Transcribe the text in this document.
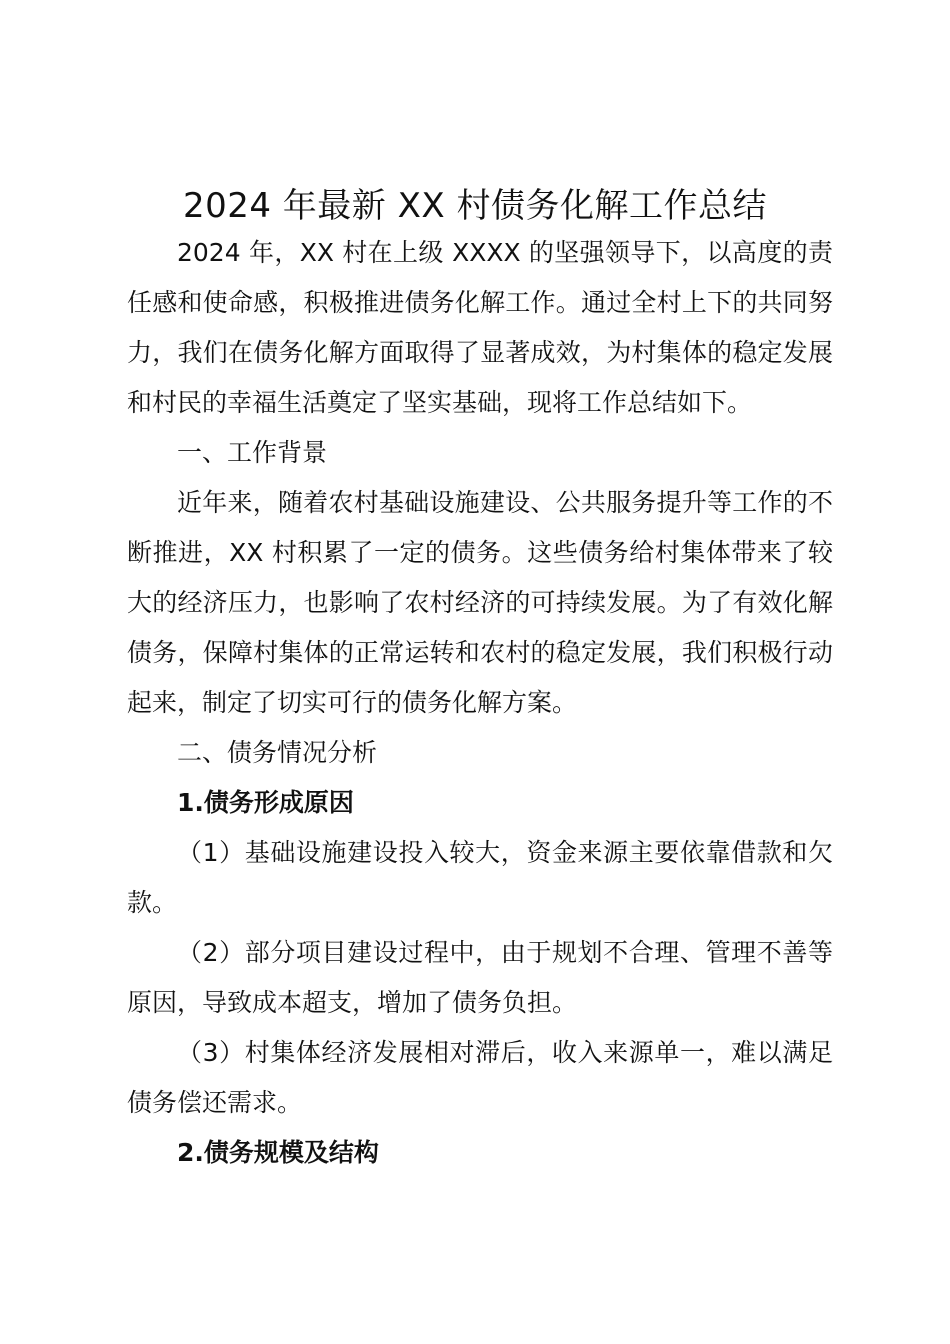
2024 年最新 XX 村债务化解工作总结

2024 年，XX 村在上级 XXXX 的坚强领导下，以高度的责任感和使命感，积极推进债务化解工作。通过全村上下的共同努力，我们在债务化解方面取得了显著成效，为村集体的稳定发展和村民的幸福生活奠定了坚实基础，现将工作总结如下。

一、工作背景

近年来，随着农村基础设施建设、公共服务提升等工作的不断推进，XX 村积累了一定的债务。这些债务给村集体带来了较大的经济压力，也影响了农村经济的可持续发展。为了有效化解债务，保障村集体的正常运转和农村的稳定发展，我们积极行动起来，制定了切实可行的债务化解方案。

二、债务情况分析

1.债务形成原因

（1）基础设施建设投入较大，资金来源主要依靠借款和欠款。

（2）部分项目建设过程中，由于规划不合理、管理不善等原因，导致成本超支，增加了债务负担。

（3）村集体经济发展相对滞后，收入来源单一，难以满足债务偿还需求。

2.债务规模及结构
